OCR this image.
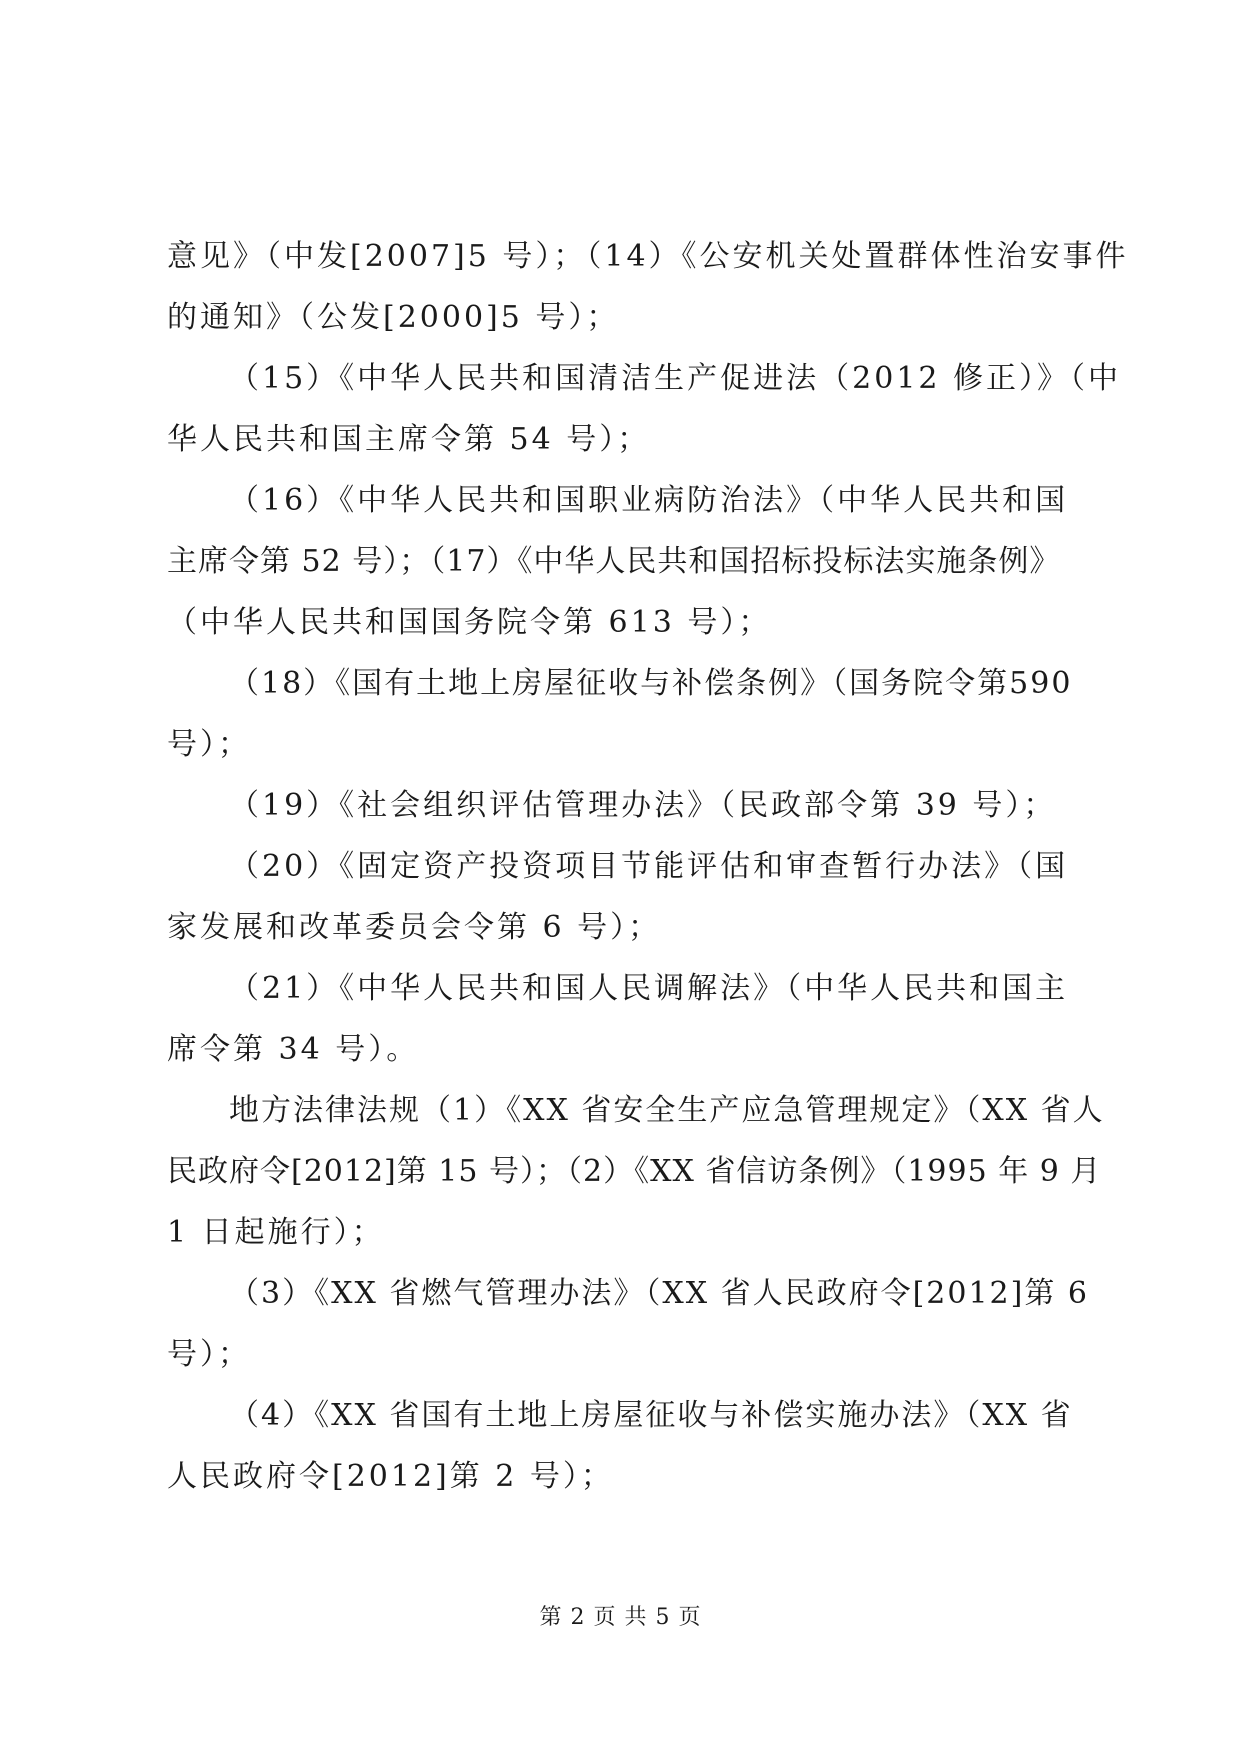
意见》（中发[2007]5 号）；（14）《公安机关处置群体性治安事件
的通知》（公发[2000]5 号）；
（15）《中华人民共和国清洁生产促进法（2012 修正）》（中
华人民共和国主席令第 54 号）；
（16）《中华人民共和国职业病防治法》（中华人民共和国
主席令第 52 号）；（17）《中华人民共和国招标投标法实施条例》
（中华人民共和国国务院令第 613 号）；
（18）《国有土地上房屋征收与补偿条例》（国务院令第590
号）；
（19）《社会组织评估管理办法》（民政部令第 39 号）；
（20）《固定资产投资项目节能评估和审查暂行办法》（国
家发展和改革委员会令第 6 号）；
（21）《中华人民共和国人民调解法》（中华人民共和国主
席令第 34 号）。
地方法律法规（1）《XX 省安全生产应急管理规定》（XX 省人
民政府令[2012]第 15 号）；（2）《XX 省信访条例》（1995 年 9 月
1 日起施行）；
（3）《XX 省燃气管理办法》（XX 省人民政府令[2012]第 6
号）；
（4）《XX 省国有土地上房屋征收与补偿实施办法》（XX 省
人民政府令[2012]第 2 号）；
第 2 页 共 5 页
